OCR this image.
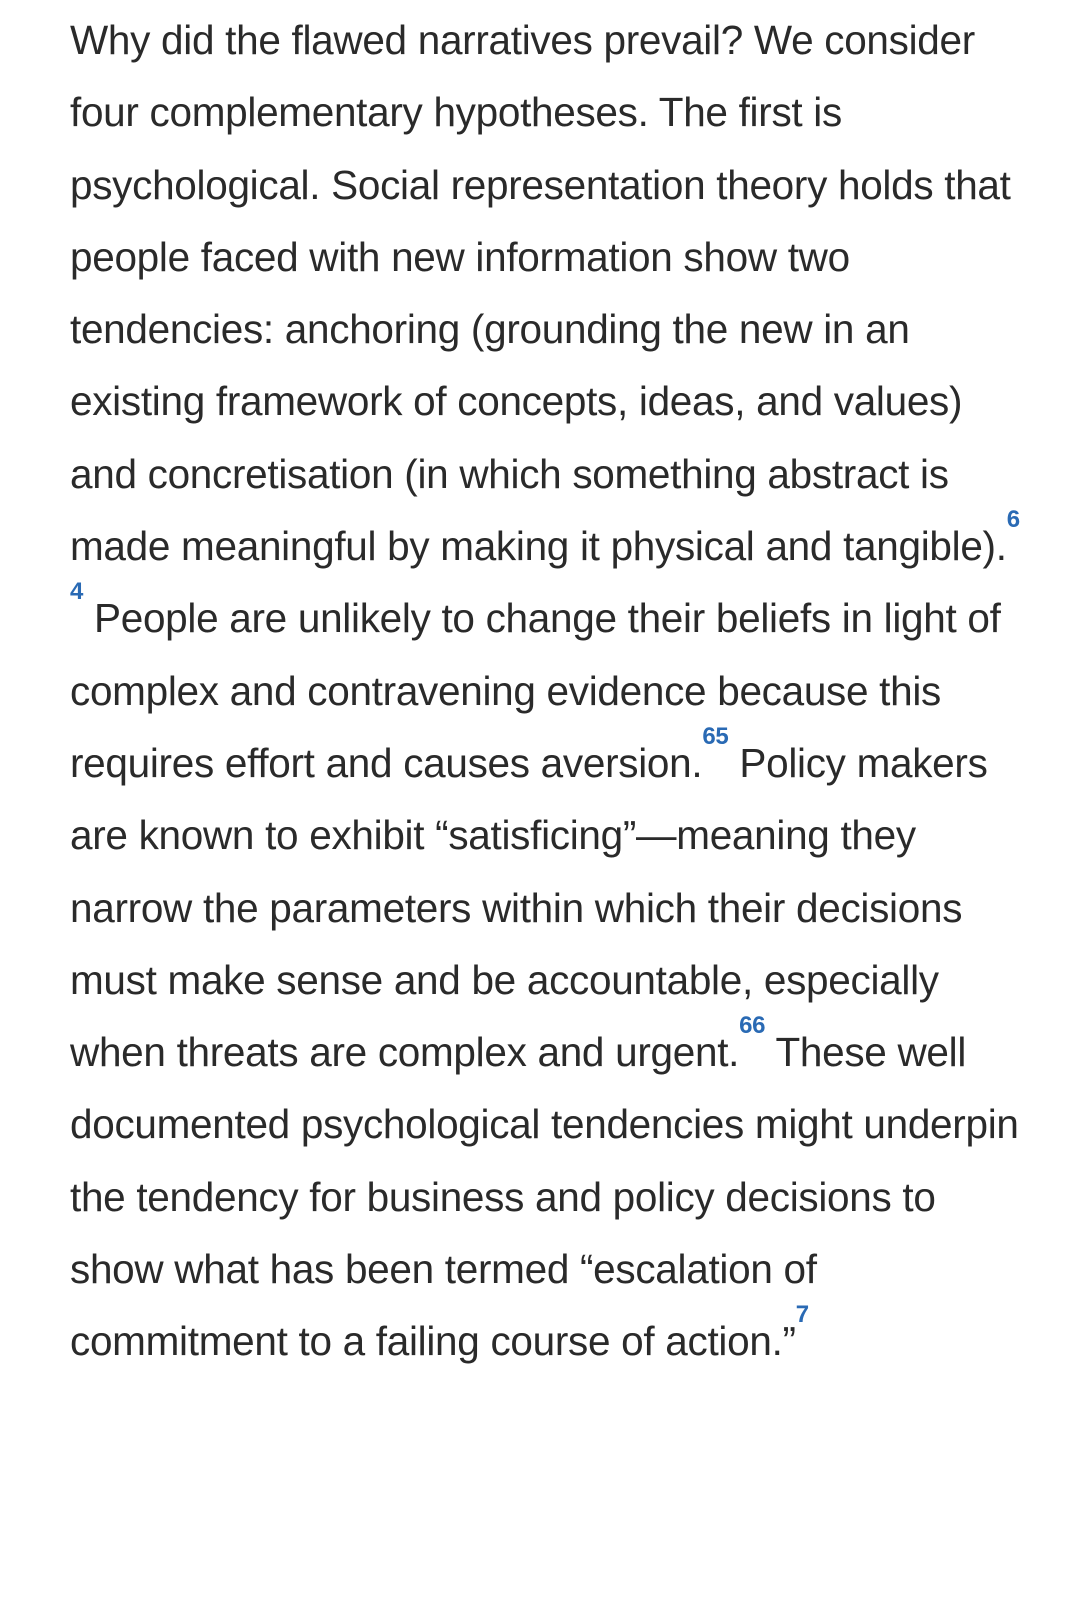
Why did the flawed narratives prevail? We consider four complementary hypotheses. The first is psychological. Social representation theory holds that people faced with new information show two tendencies: anchoring (grounding the new in an existing framework of concepts, ideas, and values) and concretisation (in which something abstract is made meaningful by making it physical and tangible).$^6$ $^4$ People are unlikely to change their beliefs in light of complex and contravening evidence because this requires effort and causes aversion.$^{65}$ Policy makers are known to exhibit “satisficing”—meaning they narrow the parameters within which their decisions must make sense and be accountable, especially when threats are complex and urgent.$^{66}$ These well documented psychological tendencies might underpin the tendency for business and policy decisions to show what has been termed “escalation of commitment to a failing course of action.”$^7$
